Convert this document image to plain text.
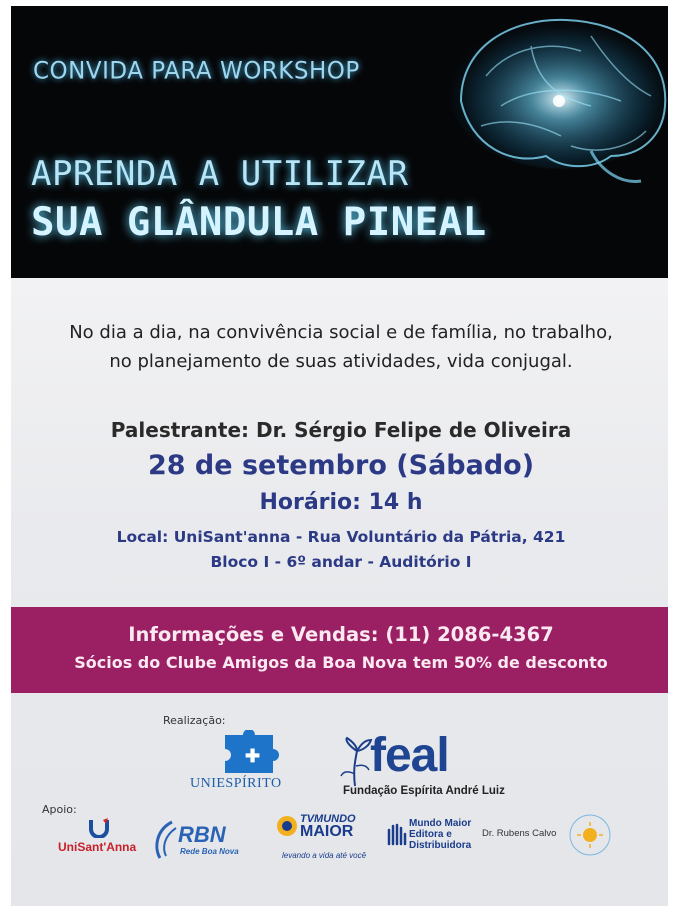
CONVIDA PARA WORKSHOP
APRENDA A UTILIZAR
SUA GLÂNDULA PINEAL
No dia a dia, na convivência social e de família, no trabalho,
no planejamento de suas atividades, vida conjugal.
Palestrante: Dr. Sérgio Felipe de Oliveira
28 de setembro (Sábado)
Horário: 14 h
Local: UniSant'anna - Rua Voluntário da Pátria, 421
Bloco I - 6º andar - Auditório I
Informações e Vendas: (11) 2086-4367
Sócios do Clube Amigos da Boa Nova tem 50% de desconto
Realização:
✚
UNIESPÍRITO
feal
Fundação Espírita André Luiz
Apoio:
UniSant'Anna RBN
Rede Boa Nova
TVMUNDO
MAIOR
levando a vida até você
Mundo Maior
Editora e
Distribuidora
Dr. Rubens Calvo
